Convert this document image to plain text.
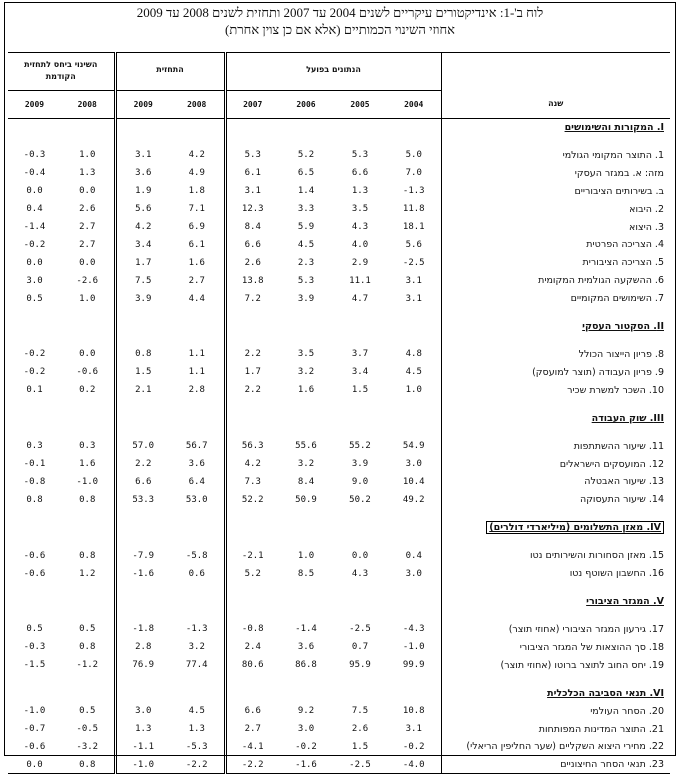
לוח ב'-1: אינדיקטורים עיקריים לשנים 2004 עד 2007 ותחזית לשנים 2008 עד 2009
אחוזי השינוי הכמותיים (אלא אם כן צוין אחרת)
השינוי ביחס לתחזית הקודמת		התחזית		הנתונים בפועל				שנה
2009	2008	2009	2008	2007	2006	2005	2004	
								I. המקורות והשימושים

-0.3	1.0	3.1	4.2	5.3	5.2	5.3	5.0	1. התוצר המקומי הגולמי
-0.4	1.3	3.6	4.9	6.1	6.5	6.6	7.0	מזה: א. במגזר העסקי
0.0	0.0	1.9	1.8	3.1	1.4	1.3	-1.3	ב. בשירותים הציבוריים
0.4	2.6	5.6	7.1	12.3	3.3	3.5	11.8	2. היבוא
-1.4	2.7	4.2	6.9	8.4	5.9	4.3	18.1	3. היצוא
-0.2	2.7	3.4	6.1	6.6	4.5	4.0	5.6	4. הצריכה הפרטית
0.0	0.0	1.7	1.6	2.6	2.3	2.9	-2.5	5. הצריכה הציבורית
3.0	-2.6	7.5	2.7	13.8	5.3	11.1	3.1	6. ההשקעה הגולמית המקומית
0.5	1.0	3.9	4.4	7.2	3.9	4.7	3.1	7. השימושים המקומיים

								II. הסקטור העסקי

-0.2	0.0	0.8	1.1	2.2	3.5	3.7	4.8	8. פריון הייצור הכולל
-0.2	-0.6	1.5	1.1	1.7	3.2	3.4	4.5	9. פריון העבודה (תוצר למועסק)
0.1	0.2	2.1	2.8	2.2	1.6	1.5	1.0	10. השכר למשרת שכיר

								III. שוק העבודה

0.3	0.3	57.0	56.7	56.3	55.6	55.2	54.9	11. שיעור ההשתתפות
-0.1	1.6	2.2	3.6	4.2	3.2	3.9	3.0	12. המועסקים הישראלים
-0.8	-1.0	6.6	6.4	7.3	8.4	9.0	10.4	13. שיעור האבטלה
0.8	0.8	53.3	53.0	52.2	50.9	50.2	49.2	14. שיעור התעסוקה

								IV. מאזן התשלומים (מיליארדי דולרים)

-0.6	0.8	-7.9	-5.8	-2.1	1.0	0.0	0.4	15. מאזן הסחורות והשירותים נטו
-0.6	1.2	-1.6	0.6	5.2	8.5	4.3	3.0	16. החשבון השוטף נטו

								V. המגזר הציבורי

0.5	0.5	-1.8	-1.3	-0.8	-1.4	-2.5	-4.3	17. גירעון המגזר הציבורי (אחוזי תוצר)
-0.3	0.8	2.8	3.2	2.4	3.6	0.7	-1.0	18. סך ההוצאות של המגזר הציבורי
-1.5	-1.2	76.9	77.4	80.6	86.8	95.9	99.9	19. יחס החוב לתוצר ברוטו (אחוזי תוצר)

								VI. תנאי הסביבה הכלכלית
-1.0	0.5	3.0	4.5	6.6	9.2	7.5	10.8	20. הסחר העולמי
-0.7	-0.5	1.3	1.3	2.7	3.0	2.6	3.1	21. התוצר המדינות המפותחות
-0.6	-3.2	-1.1	-5.3	-4.1	-0.2	1.5	-0.2	22. מחירי היצוא השקליים (שער החליפין הריאלי)
0.0	0.8	-1.0	-2.2	-2.2	-1.6	-2.5	-4.0	23. תנאי הסחר החיצוניים
